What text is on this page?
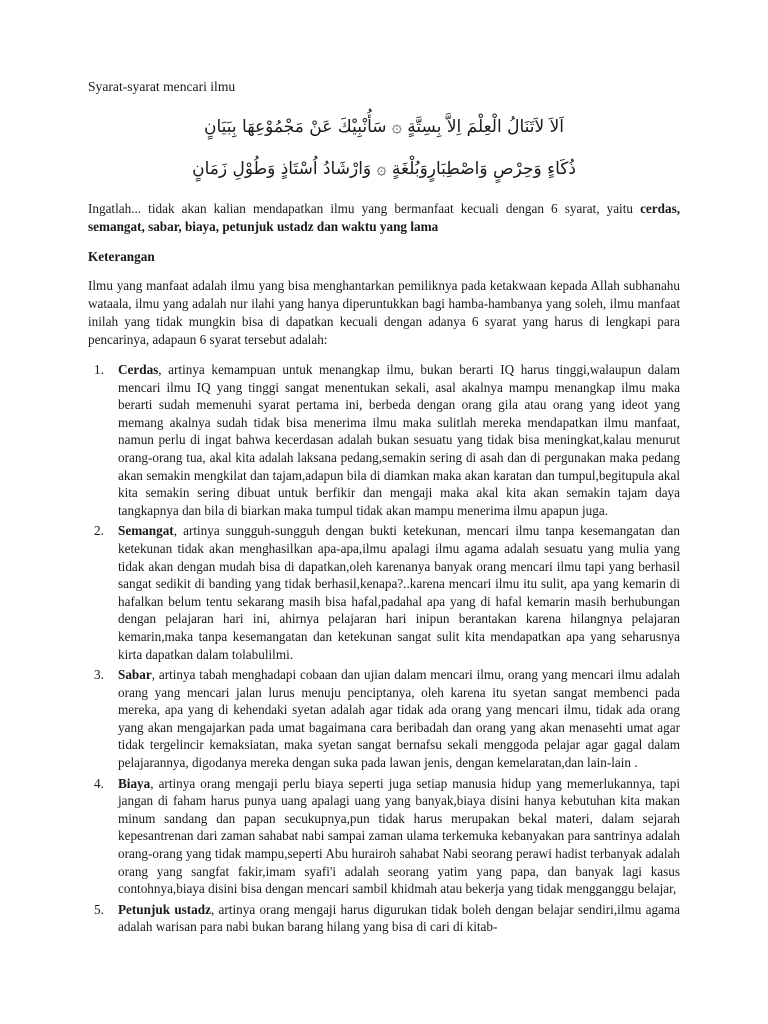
Syarat-syarat mencari ilmu
اَلاَ لاَتَنَالُ الْعِلْمَ اِلاَّ بِسِتَّةٍ ۞ سَأُنْبِيْكَ عَنْ مَجْمُوْعِهَا بِبَيَانٍ
ذُكَاءٍ وَحِرْصٍ وَاصْطِبَارٍوَبُلْغَةٍ ۞ وَارْشَادُ اُسْتَاذٍ وَطُوْلِ زَمَانٍ

Ingatlah... tidak akan kalian mendapatkan ilmu yang bermanfaat kecuali dengan 6 syarat, yaitu cerdas, semangat, sabar, biaya, petunjuk ustadz dan waktu yang lama

Keterangan

Ilmu yang manfaat adalah ilmu yang bisa menghantarkan pemiliknya pada ketakwaan kepada Allah subhanahu wataala, ilmu yang adalah nur ilahi yang hanya diperuntukkan bagi hamba-hambanya yang soleh, ilmu manfaat inilah yang tidak mungkin bisa di dapatkan kecuali dengan adanya 6 syarat yang harus di lengkapi para pencarinya, adapaun 6 syarat tersebut adalah:

1. Cerdas, artinya kemampuan untuk menangkap ilmu, bukan berarti IQ harus tinggi,walaupun dalam mencari ilmu IQ yang tinggi sangat menentukan sekali, asal akalnya mampu menangkap ilmu maka berarti sudah memenuhi syarat pertama ini, berbeda dengan orang gila atau orang yang ideot yang memang akalnya sudah tidak bisa menerima ilmu maka sulitlah mereka mendapatkan ilmu manfaat, namun perlu di ingat bahwa kecerdasan adalah bukan sesuatu yang tidak bisa meningkat,kalau menurut orang-orang tua, akal kita adalah laksana pedang,semakin sering di asah dan di pergunakan maka pedang akan semakin mengkilat dan tajam,adapun bila di diamkan maka akan karatan dan tumpul,begitupula akal kita semakin sering dibuat untuk berfikir dan mengaji maka akal kita akan semakin tajam daya tangkapnya dan bila di biarkan maka tumpul tidak akan mampu menerima ilmu apapun juga.
2. Semangat, artinya sungguh-sungguh dengan bukti ketekunan, mencari ilmu tanpa kesemangatan dan ketekunan tidak akan menghasilkan apa-apa,ilmu apalagi ilmu agama adalah sesuatu yang mulia yang tidak akan dengan mudah bisa di dapatkan,oleh karenanya banyak orang mencari ilmu tapi yang berhasil sangat sedikit di banding yang tidak berhasil,kenapa?..karena mencari ilmu itu sulit, apa yang kemarin di hafalkan belum tentu sekarang masih bisa hafal,padahal apa yang di hafal kemarin masih berhubungan dengan pelajaran hari ini, ahirnya pelajaran hari inipun berantakan karena hilangnya pelajaran kemarin,maka tanpa kesemangatan dan ketekunan sangat sulit kita mendapatkan apa yang seharusnya kirta dapatkan dalam tolabulilmi.
3. Sabar, artinya tabah menghadapi cobaan dan ujian dalam mencari ilmu, orang yang mencari ilmu adalah orang yang mencari jalan lurus menuju penciptanya, oleh karena itu syetan sangat membenci pada mereka, apa yang di kehendaki syetan adalah agar tidak ada orang yang mencari ilmu, tidak ada orang yang akan mengajarkan pada umat bagaimana cara beribadah dan orang yang akan menasehti umat agar tidak tergelincir kemaksiatan, maka syetan sangat bernafsu sekali menggoda pelajar agar gagal dalam pelajarannya, digodanya mereka dengan suka pada lawan jenis, dengan kemelaratan,dan lain-lain .
4. Biaya, artinya orang mengaji perlu biaya seperti juga setiap manusia hidup yang memerlukannya, tapi jangan di faham harus punya uang apalagi uang yang banyak,biaya disini hanya kebutuhan kita makan minum sandang dan papan secukupnya,pun tidak harus merupakan bekal materi, dalam sejarah kepesantrenan dari zaman sahabat nabi sampai zaman ulama terkemuka kebanyakan para santrinya adalah orang-orang yang tidak mampu,seperti Abu hurairoh sahabat Nabi seorang perawi hadist terbanyak adalah orang yang sangfat fakir,imam syafi'i adalah seorang yatim yang papa, dan banyak lagi kasus contohnya,biaya disini bisa dengan mencari sambil khidmah atau bekerja yang tidak mengganggu belajar,
5. Petunjuk ustadz, artinya orang mengaji harus digurukan tidak boleh dengan belajar sendiri,ilmu agama adalah warisan para nabi bukan barang hilang yang bisa di cari di kitab-
